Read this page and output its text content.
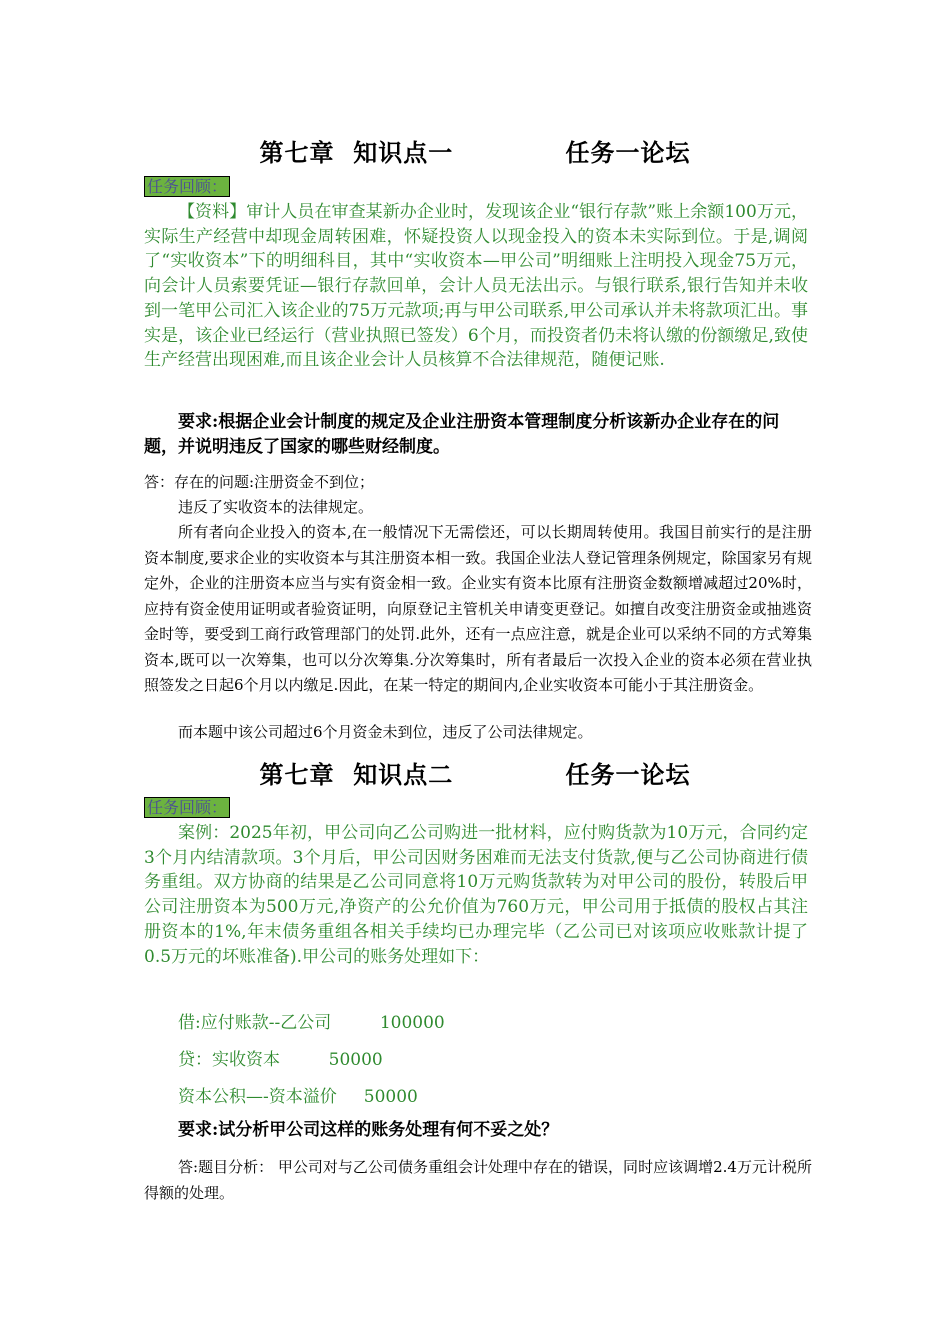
第七章  知识点一            任务一论坛
任务回顾：
【资料】审计人员在审查某新办企业时，发现该企业“银行存款”账上余额100万元，实际生产经营中却现金周转困难，怀疑投资人以现金投入的资本未实际到位。于是,调阅了“实收资本”下的明细科目，其中“实收资本—甲公司”明细账上注明投入现金75万元，向会计人员索要凭证—银行存款回单，会计人员无法出示。与银行联系,银行告知并未收到一笔甲公司汇入该企业的75万元款项;再与甲公司联系,甲公司承认并未将款项汇出。事实是，该企业已经运行（营业执照已签发）6个月，而投资者仍未将认缴的份额缴足,致使生产经营出现困难,而且该企业会计人员核算不合法律规范，随便记账.
要求:根据企业会计制度的规定及企业注册资本管理制度分析该新办企业存在的问题，并说明违反了国家的哪些财经制度。
答：存在的问题:注册资金不到位；
违反了实收资本的法律规定。
所有者向企业投入的资本,在一般情况下无需偿还，可以长期周转使用。我国目前实行的是注册资本制度,要求企业的实收资本与其注册资本相一致。我国企业法人登记管理条例规定，除国家另有规定外，企业的注册资本应当与实有资金相一致。企业实有资本比原有注册资金数额增减超过20%时，应持有资金使用证明或者验资证明，向原登记主管机关申请变更登记。如擅自改变注册资金或抽逃资金时等，要受到工商行政管理部门的处罚.此外，还有一点应注意，就是企业可以采纳不同的方式筹集资本,既可以一次筹集，也可以分次筹集.分次筹集时，所有者最后一次投入企业的资本必须在营业执照签发之日起6个月以内缴足.因此，在某一特定的期间内,企业实收资本可能小于其注册资金。
而本题中该公司超过6个月资金未到位，违反了公司法律规定。
第七章  知识点二            任务一论坛
任务回顾：
案例：2025年初，甲公司向乙公司购进一批材料，应付购货款为10万元，合同约定3个月内结清款项。3个月后，甲公司因财务困难而无法支付货款,便与乙公司协商进行债务重组。双方协商的结果是乙公司同意将10万元购货款转为对甲公司的股份，转股后甲公司注册资本为500万元,净资产的公允价值为760万元，甲公司用于抵债的股权占其注册资本的1%,年末债务重组各相关手续均已办理完毕（乙公司已对该项应收账款计提了0.5万元的坏账准备).甲公司的账务处理如下：
借:应付账款--乙公司         100000
贷：实收资本         50000
资本公积—-资本溢价     50000
要求:试分析甲公司这样的账务处理有何不妥之处？
答:题目分析： 甲公司对与乙公司债务重组会计处理中存在的错误，同时应该调增2.4万元计税所得额的处理。
